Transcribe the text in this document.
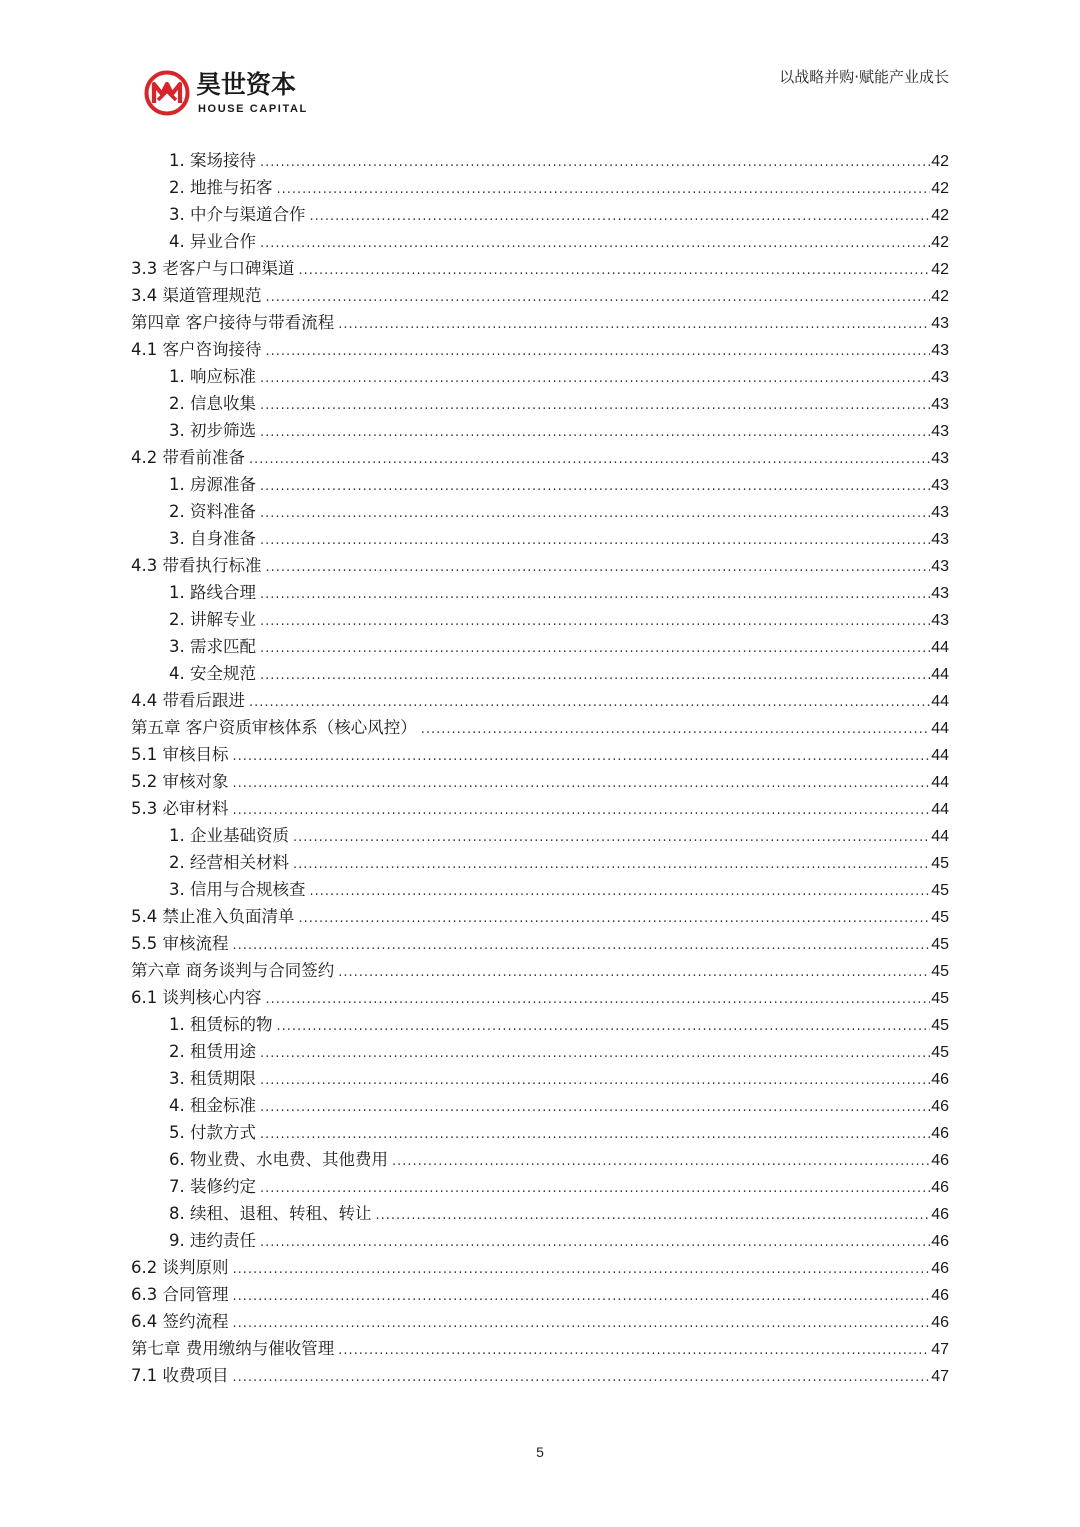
昊世资本
HOUSE CAPITAL
以战略并购·赋能产业成长
1. 案场接待 .....	42
2. 地推与拓客 .....	42
3. 中介与渠道合作 .....	42
4. 异业合作 .....	42
3.3 老客户与口碑渠道 .....	42
3.4 渠道管理规范 .....	42
第四章 客户接待与带看流程 .....	43
4.1 客户咨询接待 .....	43
1. 响应标准 .....	43
2. 信息收集 .....	43
3. 初步筛选 .....	43
4.2 带看前准备 .....	43
1. 房源准备 .....	43
2. 资料准备 .....	43
3. 自身准备 .....	43
4.3 带看执行标准 .....	43
1. 路线合理 .....	43
2. 讲解专业 .....	43
3. 需求匹配 .....	44
4. 安全规范 .....	44
4.4 带看后跟进 .....	44
第五章 客户资质审核体系（核心风控） .....	44
5.1 审核目标 .....	44
5.2 审核对象 .....	44
5.3 必审材料 .....	44
1. 企业基础资质 .....	44
2. 经营相关材料 .....	45
3. 信用与合规核查 .....	45
5.4 禁止准入负面清单 .....	45
5.5 审核流程 .....	45
第六章 商务谈判与合同签约 .....	45
6.1 谈判核心内容 .....	45
1. 租赁标的物 .....	45
2. 租赁用途 .....	45
3. 租赁期限 .....	46
4. 租金标准 .....	46
5. 付款方式 .....	46
6. 物业费、水电费、其他费用 .....	46
7. 装修约定 .....	46
8. 续租、退租、转租、转让 .....	46
9. 违约责任 .....	46
6.2 谈判原则 .....	46
6.3 合同管理 .....	46
6.4 签约流程 .....	46
第七章 费用缴纳与催收管理 .....	47
7.1 收费项目 .....	47
5
